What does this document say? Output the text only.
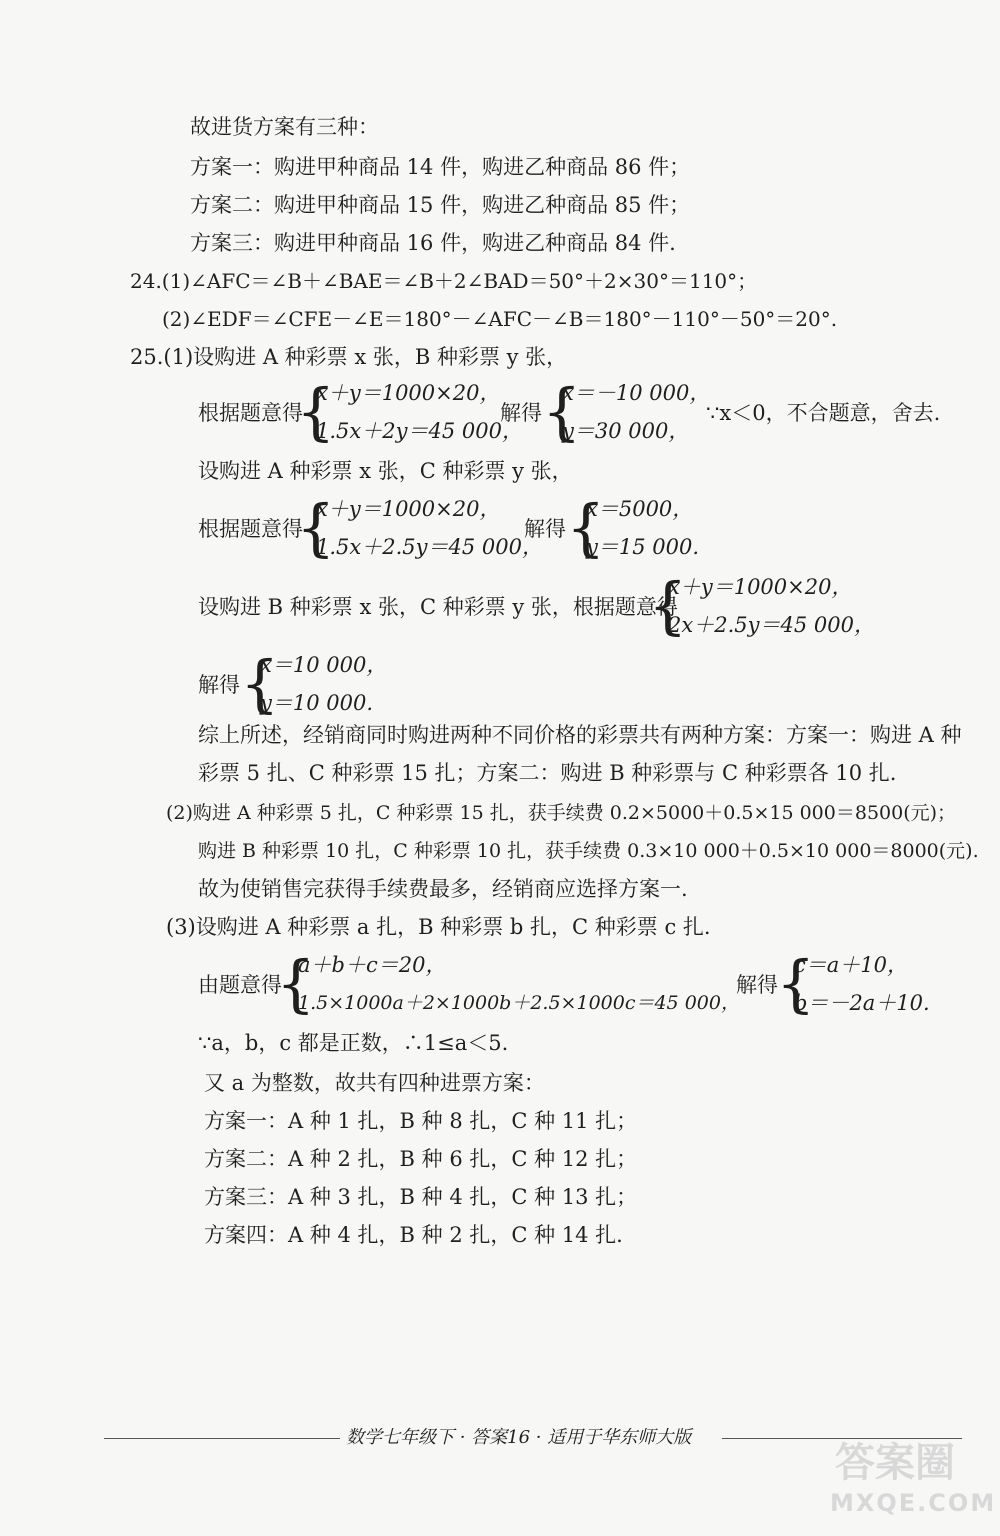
故进货方案有三种：
方案一：购进甲种商品 14 件，购进乙种商品 86 件；
方案二：购进甲种商品 15 件，购进乙种商品 85 件；
方案三：购进甲种商品 16 件，购进乙种商品 84 件.
24.(1)∠AFC＝∠B＋∠BAE＝∠B＋2∠BAD＝50°＋2×30°＝110°；
(2)∠EDF＝∠CFE－∠E＝180°－∠AFC－∠B＝180°－110°－50°＝20°.
25.(1)设购进 A 种彩票 x 张，B 种彩票 y 张，
根据题意得
{
x＋y＝1000×20，
1.5x＋2y＝45 000，
解得 {
x＝－10 000，
y＝30 000，
∵x＜0，不合题意，舍去.
设购进 A 种彩票 x 张，C 种彩票 y 张，
根据题意得
{
x＋y＝1000×20，
1.5x＋2.5y＝45 000，
解得 {
x＝5000，
y＝15 000.
设购进 B 种彩票 x 张，C 种彩票 y 张，根据题意得
{
x＋y＝1000×20，
2x＋2.5y＝45 000，
解得 {
x＝10 000，
y＝10 000.
综上所述，经销商同时购进两种不同价格的彩票共有两种方案：方案一：购进 A 种
彩票 5 扎、C 种彩票 15 扎；方案二：购进 B 种彩票与 C 种彩票各 10 扎.
(2)购进 A 种彩票 5 扎，C 种彩票 15 扎，获手续费 0.2×5000＋0.5×15 000＝8500(元)；
购进 B 种彩票 10 扎，C 种彩票 10 扎，获手续费 0.3×10 000＋0.5×10 000＝8000(元).
故为使销售完获得手续费最多，经销商应选择方案一.
(3)设购进 A 种彩票 a 扎，B 种彩票 b 扎，C 种彩票 c 扎.
由题意得
{
a＋b＋c＝20，
1.5×1000a＋2×1000b＋2.5×1000c＝45 000，
解得
{
c＝a＋10，
b＝－2a＋10.
∵a，b，c 都是正数，∴1≤a＜5.
又 a 为整数，故共有四种进票方案：
方案一：A 种 1 扎，B 种 8 扎，C 种 11 扎；
方案二：A 种 2 扎，B 种 6 扎，C 种 12 扎；
方案三：A 种 3 扎，B 种 4 扎，C 种 13 扎；
方案四：A 种 4 扎，B 种 2 扎，C 种 14 扎.
数学七年级下 · 答案16 · 适用于华东师大版
答案圈
MXQE.COM
